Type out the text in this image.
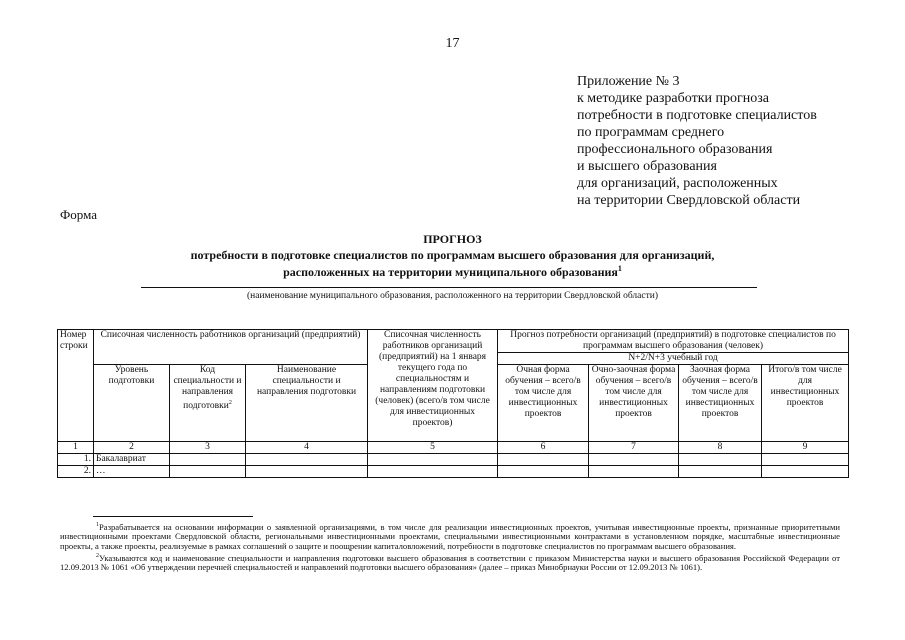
17
Приложение № 3
к методике разработки прогноза
потребности в подготовке специалистов
по программам среднего
профессионального образования
и высшего образования
для организаций, расположенных
на территории Свердловской области
Форма
ПРОГНОЗ
потребности в подготовке специалистов по программам высшего образования для организаций,
расположенных на территории муниципального образования$^1$
(наименование муниципального образования, расположенного на территории Свердловской области)
Номер строки	Списочная численность работников организаций (предприятий)			Списочная численность работников организаций (предприятий) на 1 января текущего года по специальностям и направлениям подготовки (человек) (всего/в том числе для инвестиционных проектов)	Прогноз потребности организаций (предприятий) в подготовке специалистов по программам высшего образования (человек)			
					N+2/N+3 учебный год			
	Уровень подготовки	Код специальности и направления подготовки$^2$	Наименование специальности и направления подготовки		Очная форма обучения – всего/в том числе для инвестиционных проектов	Очно-заочная форма обучения – всего/в том числе для инвестиционных проектов	Заочная форма обучения – всего/в том числе для инвестиционных проектов	Итого/в том числе для инвестиционных проектов
1	2	3	4	5	6	7	8	9
1.	Бакалавриат							
2.	…							

$^1$Разрабатывается на основании информации о заявленной организациями, в том числе для реализации инвестиционных проектов, учитывая инвестиционные проекты, признанные приоритетными инвестиционными проектами Свердловской области, региональными инвестиционными проектами, специальными инвестиционными контрактами в установленном порядке, масштабные инвестиционные проекты, а также проекты, реализуемые в рамках соглашений о защите и поощрении капиталовложений, потребности в подготовке специалистов по программам высшего образования.

$^2$Указываются код и наименование специальности и направления подготовки высшего образования в соответствии с приказом Министерства науки и высшего образования Российской Федерации от 12.09.2013 № 1061 «Об утверждении перечней специальностей и направлений подготовки высшего образования» (далее – приказ Минобрнауки России от 12.09.2013 № 1061).
